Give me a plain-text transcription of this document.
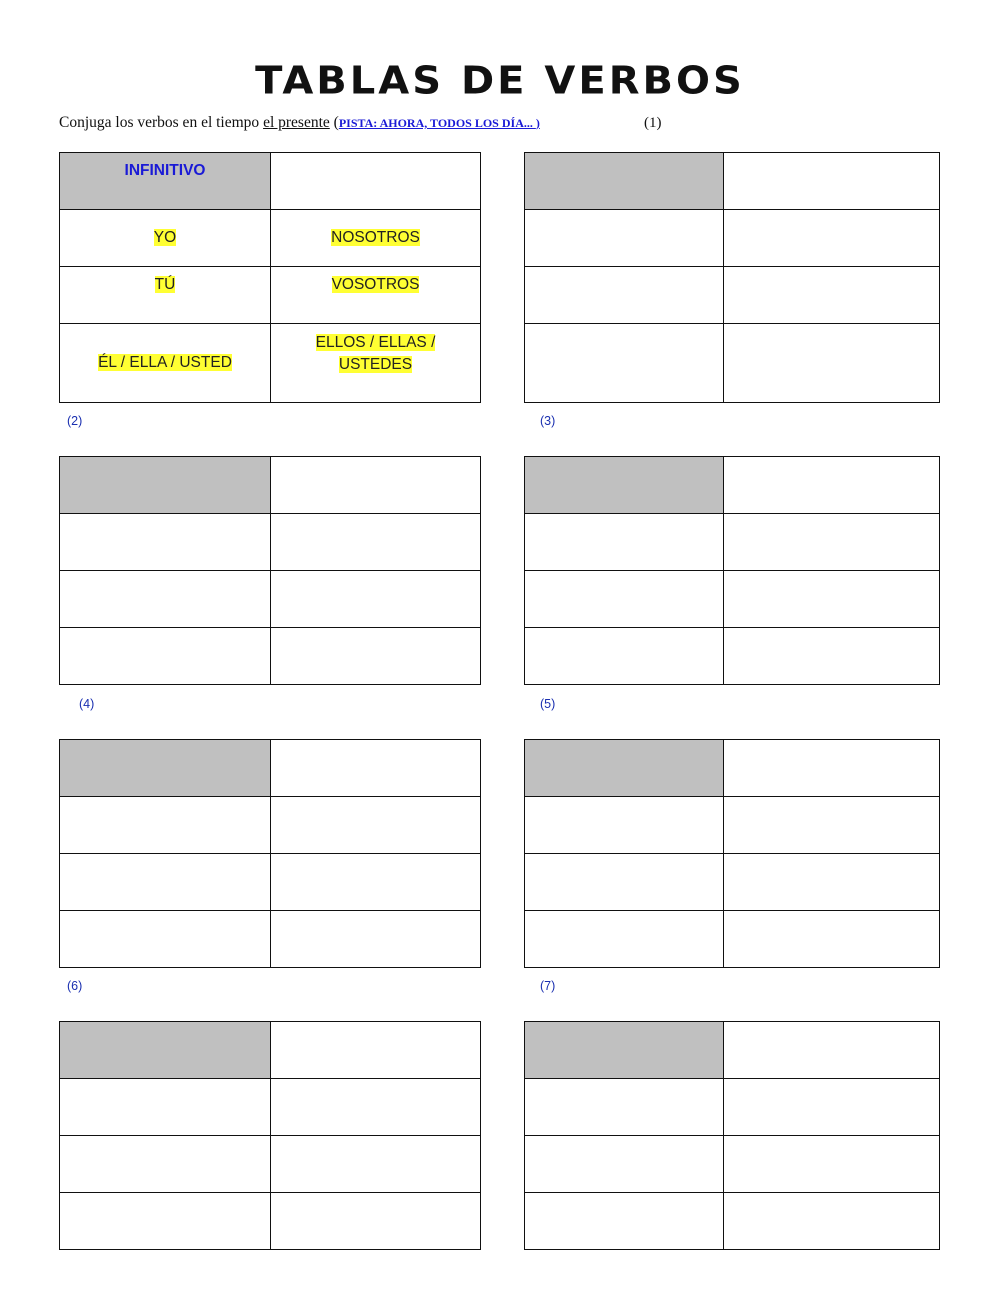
TABLAS DE VERBOS
Conjuga los verbos en el tiempo el presente (PISTA: AHORA, TODOS LOS DÍA... )	(1)
INFINITIVO	
YO	NOSOTROS
TÚ	VOSOTROS
ÉL / ELLA / USTED	ELLOS / ELLAS /
USTEDES

(2)	(3)

(4)	(5)

(6)	(7)
